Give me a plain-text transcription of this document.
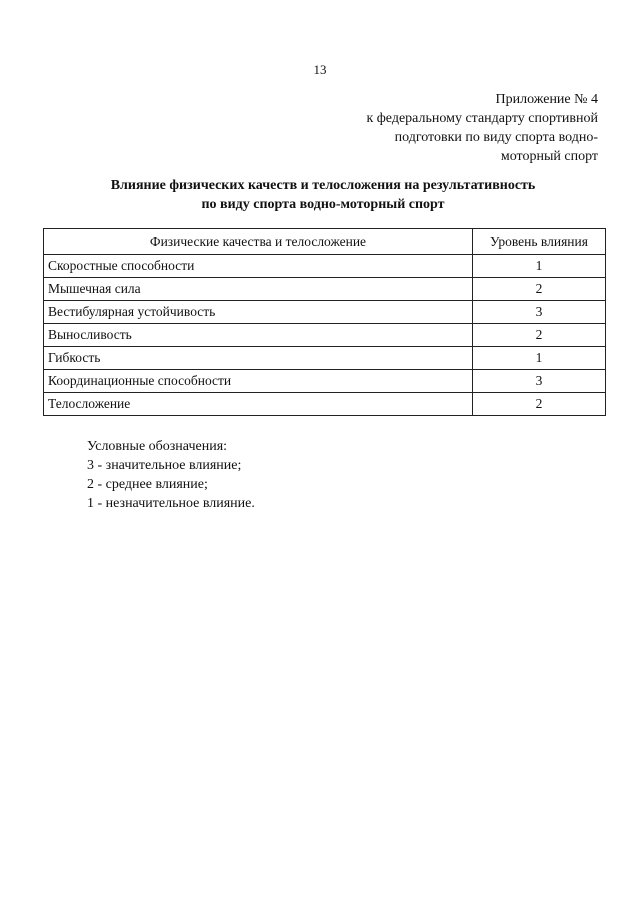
13
Приложение № 4
к федеральному стандарту спортивной
подготовки по виду спорта водно-
моторный спорт
Влияние физических качеств и телосложения на результативность
по виду спорта водно-моторный спорт
Физические качества и телосложение	Уровень влияния
Скоростные способности	1
Мышечная сила	2
Вестибулярная устойчивость	3
Выносливость	2
Гибкость	1
Координационные способности	3
Телосложение	2
Условные обозначения:
3 - значительное влияние;
2 - среднее влияние;
1 - незначительное влияние.
